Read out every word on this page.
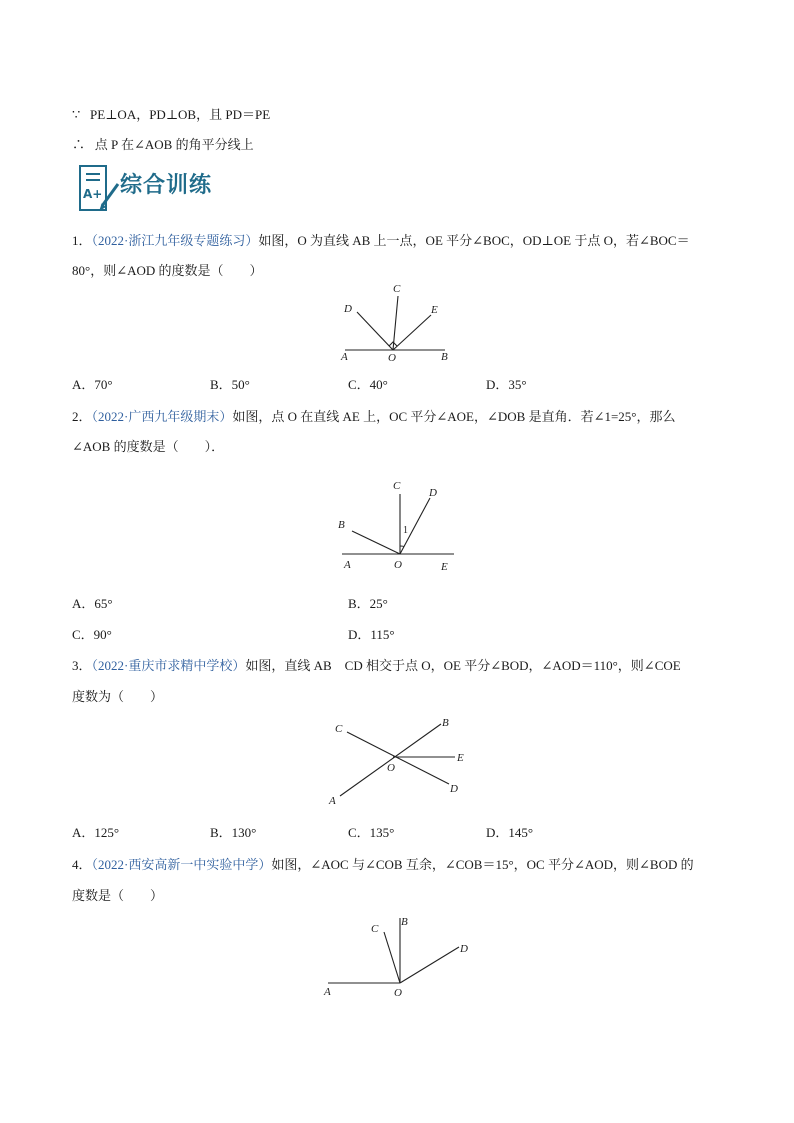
∵ PE⊥OA，PD⊥OB，且 PD＝PE
∴ 点 P 在∠AOB 的角平分线上
A+ 综合训练
1．（2022·浙江九年级专题练习）如图，O 为直线 AB 上一点，OE 平分∠BOC，OD⊥OE 于点 O，若∠BOC＝
80°，则∠AOD 的度数是（　　）
A	B
C
D	E
O
A．70°	B．50°	C．40°	D．35°
2．（2022·广西九年级期末）如图，点 O 在直线 AE 上，OC 平分∠AOE，∠DOB 是直角．若∠1=25°，那么
∠AOB 的度数是（　　）．
A
B
C
D
E
O
1
A．65°	B．25°
C．90°	D．115°
3．（2022·重庆市求精中学校）如图，直线 AB　CD 相交于点 O，OE 平分∠BOD，∠AOD＝110°，则∠COE
度数为（　　）
A
B
C
D
E
O
A．125°	B．130°	C．135°	D．145°
4．（2022·西安高新一中实验中学）如图，∠AOC 与∠COB 互余，∠COB＝15°，OC 平分∠AOD，则∠BOD 的
度数是（　　）
A
B
C
D
O
